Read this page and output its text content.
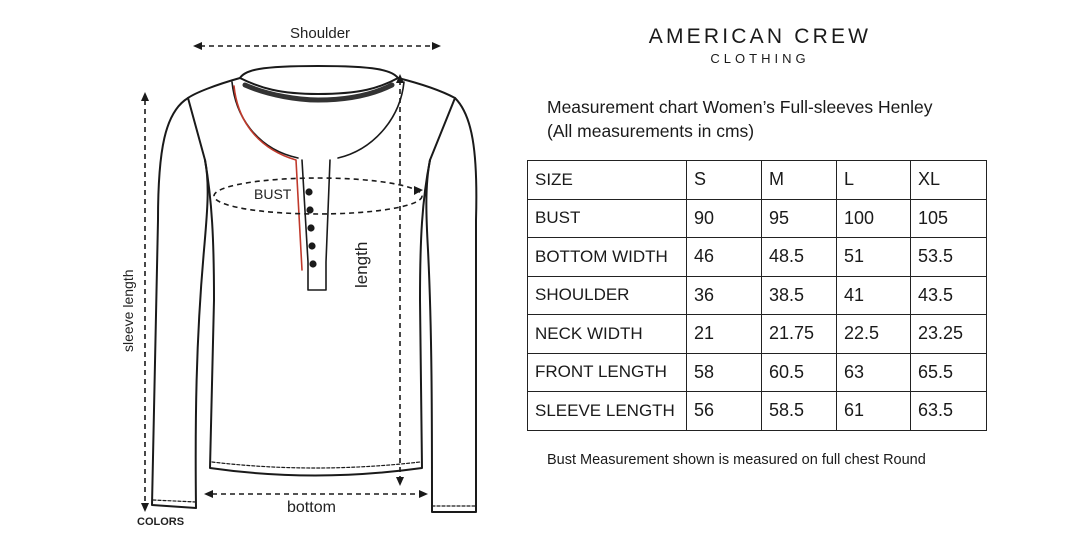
Shoulder
BUST
length
sleeve length
bottom
COLORS
AMERICAN CREW
CLOTHING
Measurement chart Women’s Full-sleeves Henley
(All measurements in cms)
SIZE	S	M	L	XL
BUST	90	95	100	105
BOTTOM WIDTH	46	48.5	51	53.5
SHOULDER	36	38.5	41	43.5
NECK WIDTH	21	21.75	22.5	23.25
FRONT LENGTH	58	60.5	63	65.5
SLEEVE LENGTH	56	58.5	61	63.5
Bust Measurement shown is measured on full chest Round
